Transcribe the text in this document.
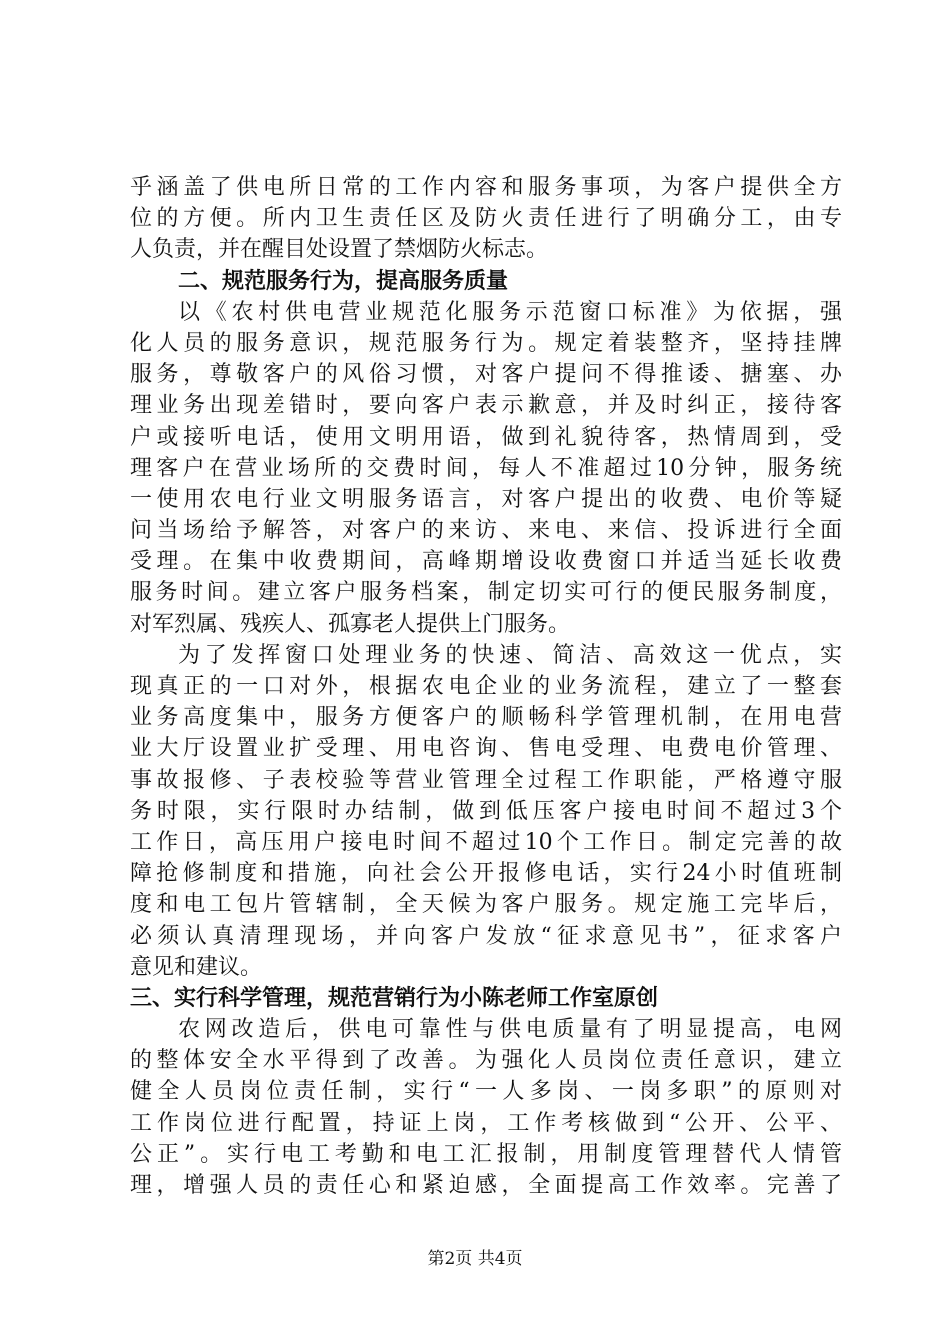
乎涵盖了供电所日常的工作内容和服务事项，为客户提供全方
位的方便。所内卫生责任区及防火责任进行了明确分工，由专
人负责，并在醒目处设置了禁烟防火标志。
二、规范服务行为，提高服务质量
以《农村供电营业规范化服务示范窗口标准》为依据，强
化人员的服务意识，规范服务行为。规定着装整齐，坚持挂牌
服务，尊敬客户的风俗习惯，对客户提问不得推诿、搪塞、办
理业务出现差错时，要向客户表示歉意，并及时纠正，接待客
户或接听电话，使用文明用语，做到礼貌待客，热情周到，受
理客户在营业场所的交费时间，每人不准超过10分钟，服务统
一使用农电行业文明服务语言，对客户提出的收费、电价等疑
问当场给予解答，对客户的来访、来电、来信、投诉进行全面
受理。在集中收费期间，高峰期增设收费窗口并适当延长收费
服务时间。建立客户服务档案，制定切实可行的便民服务制度，
对军烈属、残疾人、孤寡老人提供上门服务。
为了发挥窗口处理业务的快速、简洁、高效这一优点，实
现真正的一口对外，根据农电企业的业务流程，建立了一整套
业务高度集中，服务方便客户的顺畅科学管理机制，在用电营
业大厅设置业扩受理、用电咨询、售电受理、电费电价管理、
事故报修、子表校验等营业管理全过程工作职能，严格遵守服
务时限，实行限时办结制，做到低压客户接电时间不超过3个
工作日，高压用户接电时间不超过10个工作日。制定完善的故
障抢修制度和措施，向社会公开报修电话，实行24小时值班制
度和电工包片管辖制，全天候为客户服务。规定施工完毕后，
必须认真清理现场，并向客户发放“征求意见书”，征求客户
意见和建议。
三、实行科学管理，规范营销行为小陈老师工作室原创
农网改造后，供电可靠性与供电质量有了明显提高，电网
的整体安全水平得到了改善。为强化人员岗位责任意识，建立
健全人员岗位责任制，实行“一人多岗、一岗多职”的原则对
工作岗位进行配置，持证上岗，工作考核做到“公开、公平、
公正”。实行电工考勤和电工汇报制，用制度管理替代人情管
理，增强人员的责任心和紧迫感，全面提高工作效率。完善了
第2页 共4页
